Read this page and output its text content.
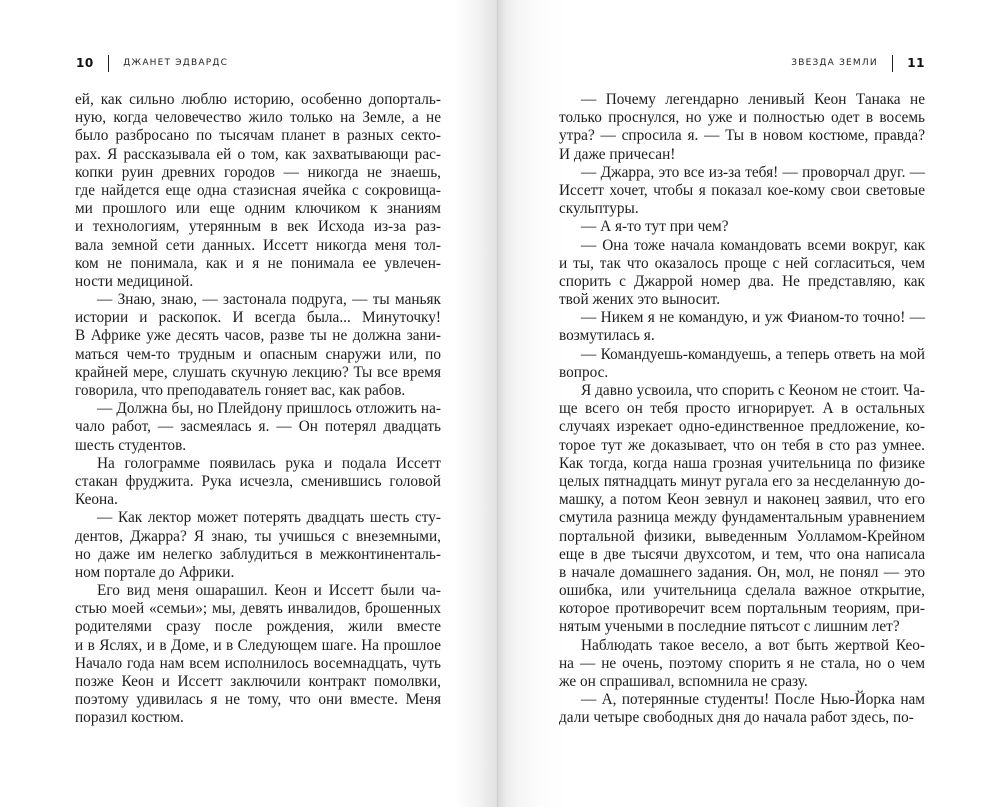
10	ДЖАНЕТ ЭДВАРДС
ей, как сильно люблю историю, особенно допорталь-
ную, когда человечество жило только на Земле, а не
было разбросано по тысячам планет в разных секто-
рах. Я рассказывала ей о том, как захватывающи рас-
копки руин древних городов — никогда не знаешь,
где найдется еще одна стазисная ячейка с сокровища-
ми прошлого или еще одним ключиком к знаниям
и технологиям, утерянным в век Исхода из-за раз-
вала земной сети данных. Иссетт никогда меня тол-
ком не понимала, как и я не понимала ее увлечен-
ности медициной.
— Знаю, знаю, — застонала подруга, — ты маньяк
истории и раскопок. И всегда была... Минуточку!
В Африке уже десять часов, разве ты не должна зани-
маться чем-то трудным и опасным снаружи или, по
крайней мере, слушать скучную лекцию? Ты все время
говорила, что преподаватель гоняет вас, как рабов.
— Должна бы, но Плейдону пришлось отложить на-
чало работ, — засмеялась я. — Он потерял двадцать
шесть студентов.
На голограмме появилась рука и подала Иссетт
стакан фруджита. Рука исчезла, сменившись головой
Кеона.
— Как лектор может потерять двадцать шесть сту-
дентов, Джарра? Я знаю, ты учишься с внеземными,
но даже им нелегко заблудиться в межконтиненталь-
ном портале до Африки.
Его вид меня ошарашил. Кеон и Иссетт были ча-
стью моей «семьи»; мы, девять инвалидов, брошенных
родителями сразу после рождения, жили вместе
и в Яслях, и в Доме, и в Следующем шаге. На прошлое
Начало года нам всем исполнилось восемнадцать, чуть
позже Кеон и Иссетт заключили контракт помолвки,
поэтому удивилась я не тому, что они вместе. Меня
поразил костюм.
ЗВЕЗДА ЗЕМЛИ 11
— Почему легендарно ленивый Кеон Танака не
только проснулся, но уже и полностью одет в восемь
утра? — спросила я. — Ты в новом костюме, правда?
И даже причесан!
— Джарра, это все из-за тебя! — проворчал друг. —
Иссетт хочет, чтобы я показал кое-кому свои световые
скульптуры.
— А я-то тут при чем?
— Она тоже начала командовать всеми вокруг, как
и ты, так что оказалось проще с ней согласиться, чем
спорить с Джаррой номер два. Не представляю, как
твой жених это выносит.
— Никем я не командую, и уж Фианом-то точно! —
возмутилась я.
— Командуешь-командуешь, а теперь ответь на мой
вопрос.
Я давно усвоила, что спорить с Кеоном не стоит. Ча-
ще всего он тебя просто игнорирует. А в остальных
случаях изрекает одно-единственное предложение, ко-
торое тут же доказывает, что он тебя в сто раз умнее.
Как тогда, когда наша грозная учительница по физике
целых пятнадцать минут ругала его за несделанную до-
машку, а потом Кеон зевнул и наконец заявил, что его
смутила разница между фундаментальным уравнением
портальной физики, выведенным Уолламом-Крейном
еще в две тысячи двухсотом, и тем, что она написала
в начале домашнего задания. Он, мол, не понял — это
ошибка, или учительница сделала важное открытие,
которое противоречит всем портальным теориям, при-
нятым учеными в последние пятьсот с лишним лет?
Наблюдать такое весело, а вот быть жертвой Кео-
на — не очень, поэтому спорить я не стала, но о чем
же он спрашивал, вспомнила не сразу.
— А, потерянные студенты! После Нью-Йорка нам
дали четыре свободных дня до начала работ здесь, по-
